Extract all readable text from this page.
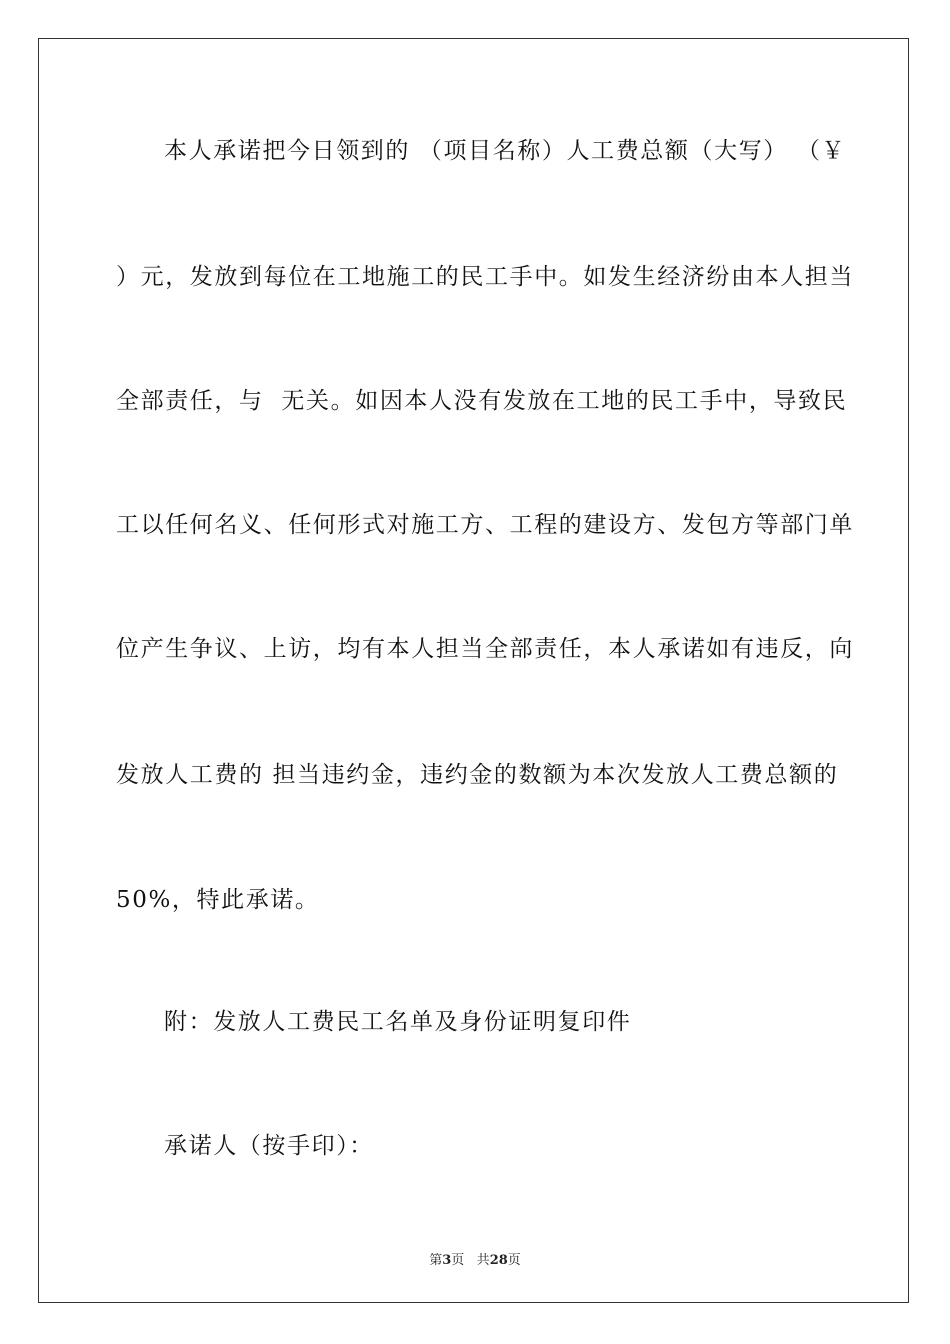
本人承诺把今日领到的 （项目名称）人工费总额（大写） （￥
）元，发放到每位在工地施工的民工手中。如发生经济纷由本人担当
全部责任，与  无关。如因本人没有发放在工地的民工手中，导致民
工以任何名义、任何形式对施工方、工程的建设方、发包方等部门单
位产生争议、上访，均有本人担当全部责任，本人承诺如有违反，向
发放人工费的 担当违约金，违约金的数额为本次发放人工费总额的
50%，特此承诺。
附：发放人工费民工名单及身份证明复印件
承诺人（按手印）：
第3页 共28页
